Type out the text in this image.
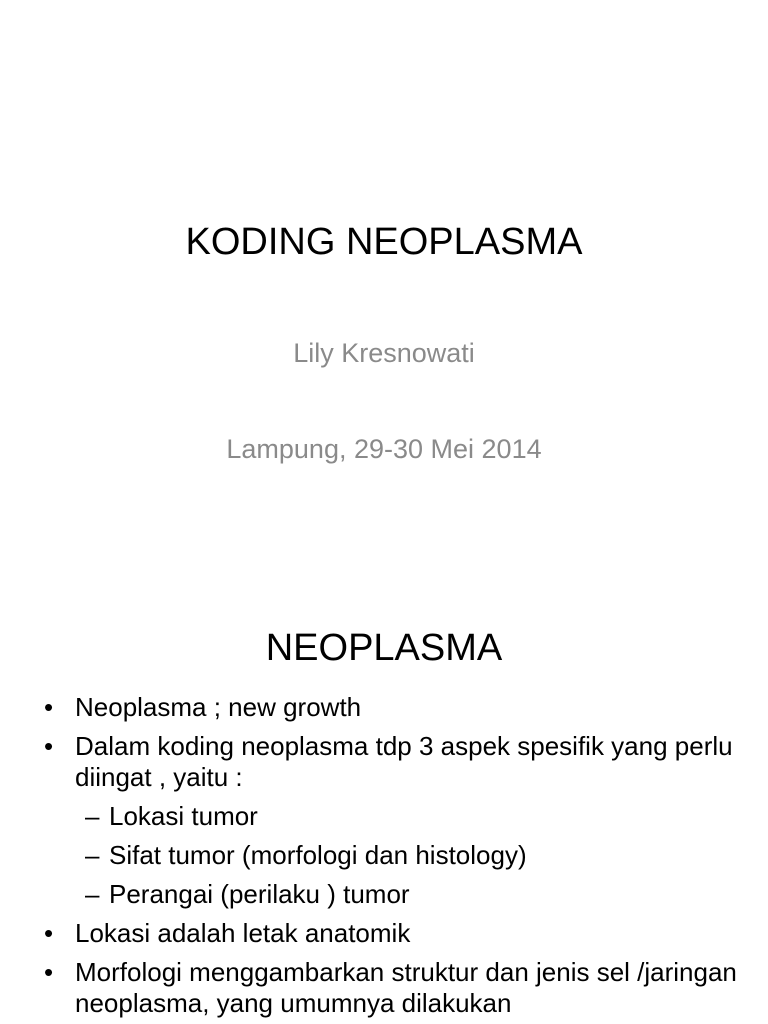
KODING NEOPLASMA
Lily Kresnowati
Lampung, 29-30 Mei 2014
NEOPLASMA
• Neoplasma ; new growth
• Dalam koding neoplasma tdp 3 aspek spesifik yang perlu diingat , yaitu :
– Lokasi tumor
– Sifat tumor (morfologi dan histology)
– Perangai (perilaku ) tumor
• Lokasi adalah letak anatomik
• Morfologi menggambarkan struktur dan jenis sel /jaringan neoplasma, yang umumnya dilakukan
